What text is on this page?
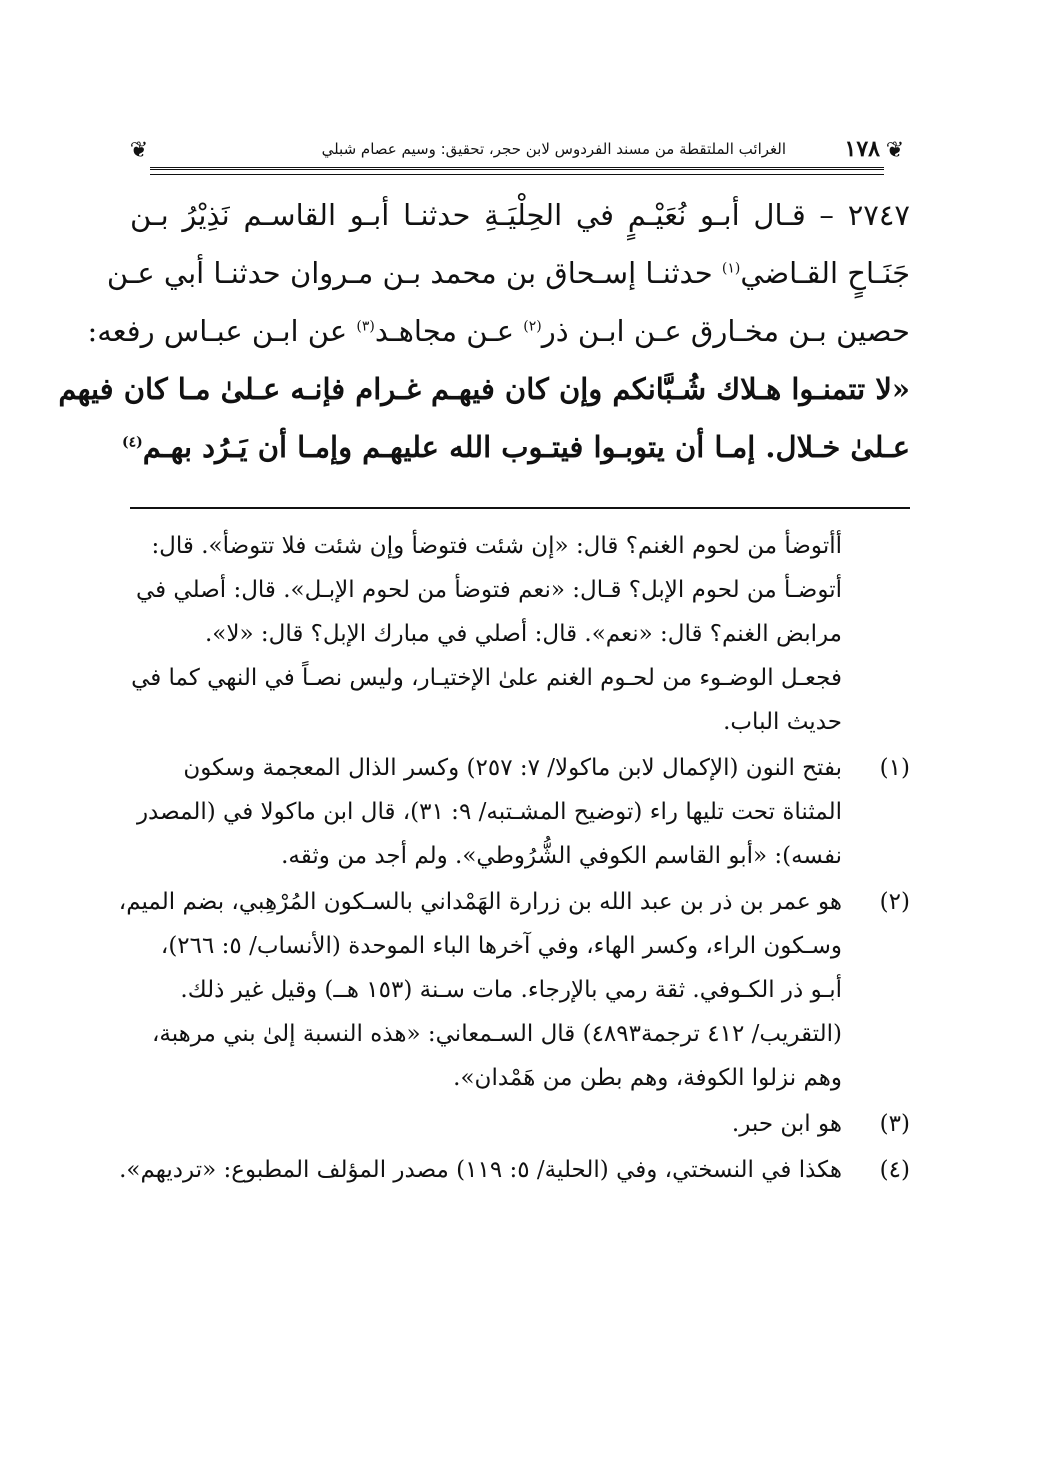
❦
١٧٨
الغرائب الملتقطة من مسند الفردوس لابن حجر، تحقيق: وسيم عصام شبلي
❦
٢٧٤٧ – قـال أبـو نُعَيْـمٍ في الحِلْيَـةِ حدثنـا أبـو القاسـم نَذِيْرُ بـن
جَنَـاحٍ القـاضي$^{(١)}$ حدثنـا إسـحاق بن محمد بـن مـروان حدثنـا أبي عـن
حصين بـن مخـارق عـن ابـن ذر$^{(٢)}$ عـن مجاهـد$^{(٣)}$ عن ابـن عبـاس رفعه:
«لا تتمنـوا هـلاك شُـبَّانكم وإن كان فيهـم غـرام فإنـه عـلىٰ مـا كان فيهم
عـلىٰ خـلال. إمـا أن يتوبـوا فيتـوب الله عليهـم وإمـا أن يَـرُد بهـم$^{(٤)}$
أأتوضأ من لحوم الغنم؟ قال: «إن شئت فتوضأ وإن شئت فلا تتوضأ». قال:
أتوضـأ من لحوم الإبل؟ قـال: «نعم فتوضأ من لحوم الإبـل». قال: أصلي في
مرابض الغنم؟ قال: «نعم». قال: أصلي في مبارك الإبل؟ قال: «لا».
فجعـل الوضـوء من لحـوم الغنم علىٰ الإختيـار، وليس نصـاً في النهي كما في
حديث الباب.
(١)
بفتح النون (الإكمال لابن ماكولا/ ٧: ٢٥٧) وكسر الذال المعجمة وسكون
المثناة تحت تليها راء (توضيح المشـتبه/ ٩: ٣١)، قال ابن ماكولا في (المصدر
نفسه): «أبو القاسم الكوفي الشُّرُوطي». ولم أجد من وثقه.
(٢)
هو عمر بن ذر بن عبد الله بن زرارة الهَمْداني بالسـكون المُرْهِبي، بضم الميم،
وسـكون الراء، وكسر الهاء، وفي آخرها الباء الموحدة (الأنساب/ ٥: ٢٦٦)،
أبـو ذر الكـوفي. ثقة رمي بالإرجاء. مات سـنة (١٥٣ هــ) وقيل غير ذلك.
(التقريب/ ٤١٢ ترجمة٤٨٩٣) قال السـمعاني: «هذه النسبة إلىٰ بني مرهبة،
وهم نزلوا الكوفة، وهم بطن من هَمْدان».
(٣)
هو ابن حبر.
(٤)
هكذا في النسختي، وفي (الحلية/ ٥: ١١٩) مصدر المؤلف المطبوع: «ترديهم».
